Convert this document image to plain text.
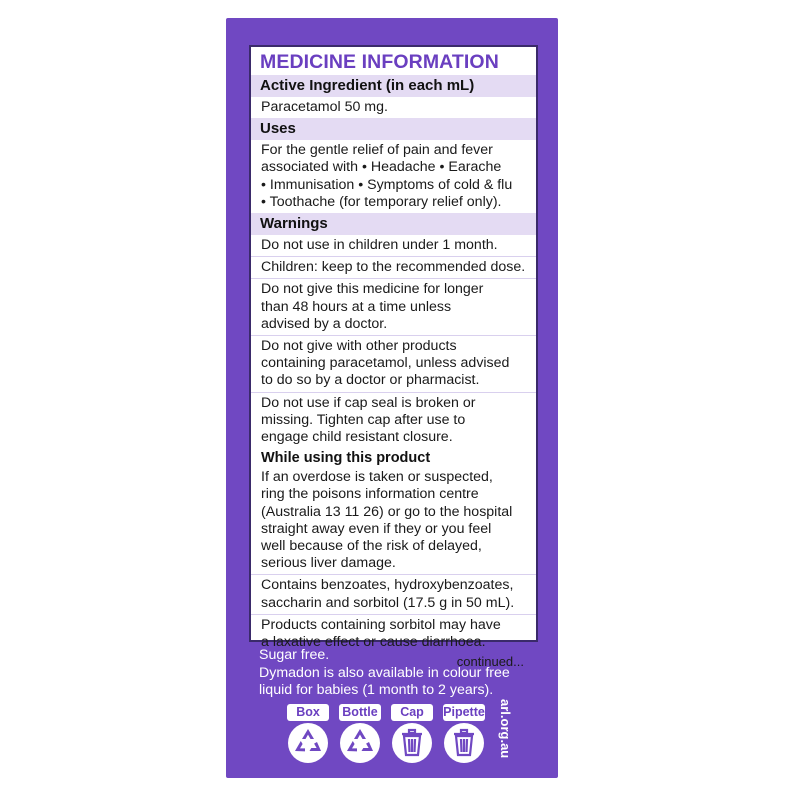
MEDICINE INFORMATION
Active Ingredient (in each mL)
Paracetamol 50 mg.
Uses
For the gentle relief of pain and fever
associated with • Headache • Earache
• Immunisation • Symptoms of cold & flu
• Toothache (for temporary relief only).
Warnings
Do not use in children under 1 month.
Children: keep to the recommended dose.
Do not give this medicine for longer
than 48 hours at a time unless
advised by a doctor.
Do not give with other products
containing paracetamol, unless advised
to do so by a doctor or pharmacist.
Do not use if cap seal is broken or
missing. Tighten cap after use to
engage child resistant closure.
While using this product
If an overdose is taken or suspected,
ring the poisons information centre
(Australia 13 11 26) or go to the hospital
straight away even if they or you feel
well because of the risk of delayed,
serious liver damage.
Contains benzoates, hydroxybenzoates,
saccharin and sorbitol (17.5 g in 50 mL).
Products containing sorbitol may have
a laxative effect or cause diarrhoea.
continued...
Sugar free.
Dymadon is also available in colour free
liquid for babies (1 month to 2 years).
Box	Bottle	Cap	Pipette arl.org.au
